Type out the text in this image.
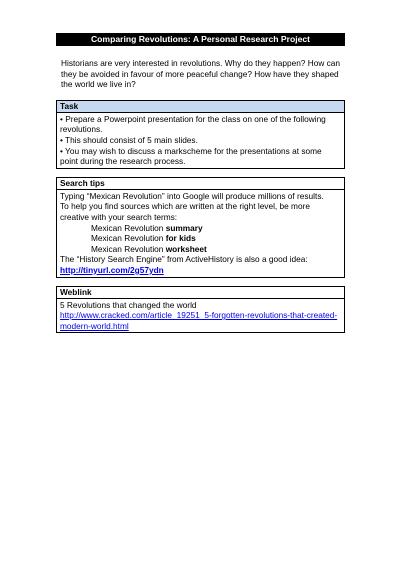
Comparing Revolutions: A Personal Research Project
Historians are very interested in revolutions. Why do they happen? How can they be avoided in favour of more peaceful change? How have they shaped the world we live in?
Task
• Prepare a Powerpoint presentation for the class on one of the following revolutions.
• This should consist of 5 main slides.
• You may wish to discuss a markscheme for the presentations at some point during the research process.
Search tips
Typing “Mexican Revolution” into Google will produce millions of results.
To help you find sources which are written at the right level, be more creative with your search terms:
Mexican Revolution summary
Mexican Revolution for kids
Mexican Revolution worksheet
The “History Search Engine” from ActiveHistory is also a good idea:
http://tinyurl.com/2g57ydn
Weblink
5 Revolutions that changed the world
http://www.cracked.com/article_19251_5-forgotten-revolutions-that-created-modern-world.html
